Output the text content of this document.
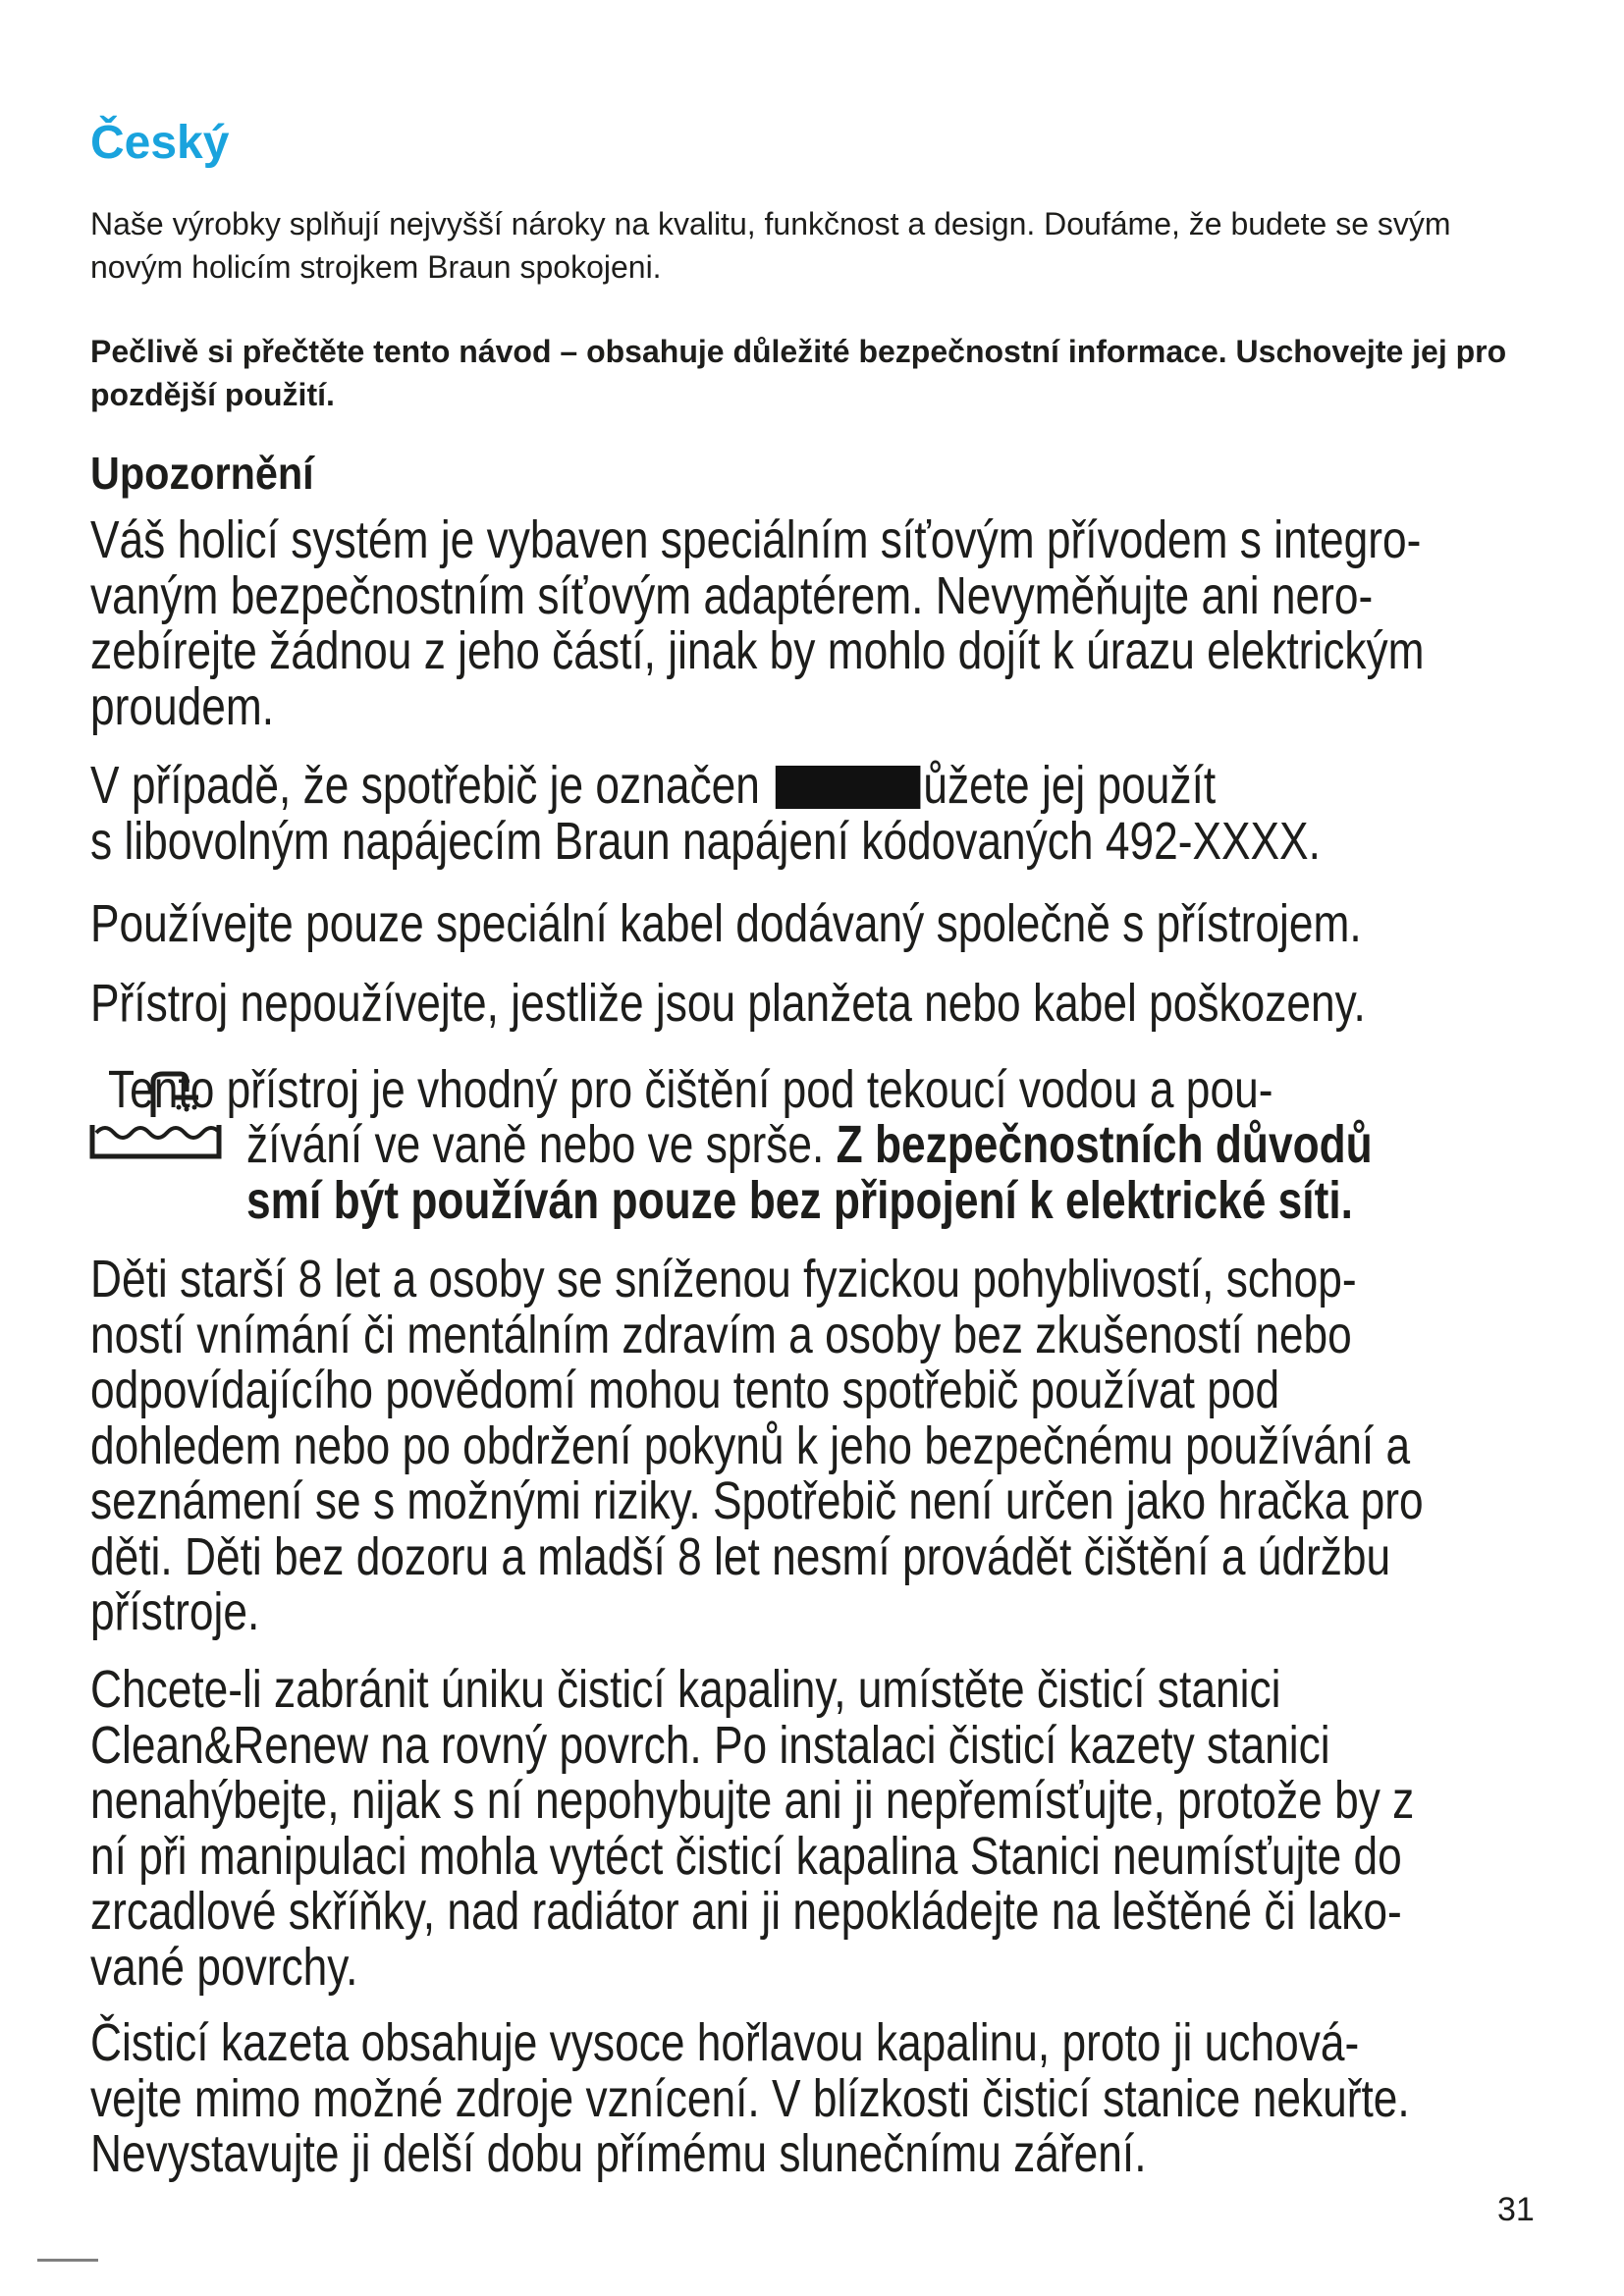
Český

Naše výrobky splňují nejvyšší nároky na kvalitu, funkčnost a design. Doufáme, že budete se svým novým holicím strojkem Braun spokojeni.

Pečlivě si přečtěte tento návod – obsahuje důležité bezpečnostní informace. Uschovejte jej pro pozdější použití.

Upozornění

Váš holicí systém je vybaven speciálním síťovým přívodem s integro-
vaným bezpečnostním síťovým adaptérem. Nevyměňujte ani nero-
zebírejte žádnou z jeho částí, jinak by mohlo dojít k úrazu elektrickým
proudem.

V případě, že spotřebič je označen	ůžete jej použít
s libovolným napájecím Braun napájení kódovaných 492-XXXX.

Používejte pouze speciální kabel dodávaný společně s přístrojem.

Přístroj nepoužívejte, jestliže jsou planžeta nebo kabel poškozeny.

Tento přístroj je vhodný pro čištění pod tekoucí vodou a pou-

žívání ve vaně nebo ve sprše. Z bezpečnostních důvodů
smí být používán pouze bez připojení k elektrické síti.

Děti starší 8 let a osoby se sníženou fyzickou pohyblivostí, schop-
ností vnímání či mentálním zdravím a osoby bez zkušeností nebo
odpovídajícího povědomí mohou tento spotřebič používat pod
dohledem nebo po obdržení pokynů k jeho bezpečnému používání a
seznámení se s možnými riziky. Spotřebič není určen jako hračka pro
děti. Děti bez dozoru a mladší 8 let nesmí provádět čištění a údržbu
přístroje.

Chcete-li zabránit úniku čisticí kapaliny, umístěte čisticí stanici
Clean&Renew na rovný povrch. Po instalaci čisticí kazety stanici
nenahýbejte, nijak s ní nepohybujte ani ji nepřemísťujte, protože by z
ní při manipulaci mohla vytéct čisticí kapalina Stanici neumísťujte do
zrcadlové skříňky, nad radiátor ani ji nepokládejte na leštěné či lako-
vané povrchy.

Čisticí kazeta obsahuje vysoce hořlavou kapalinu, proto ji uchová-
vejte mimo možné zdroje vznícení. V blízkosti čisticí stanice nekuřte.
Nevystavujte ji delší dobu přímému slunečnímu záření.

31
